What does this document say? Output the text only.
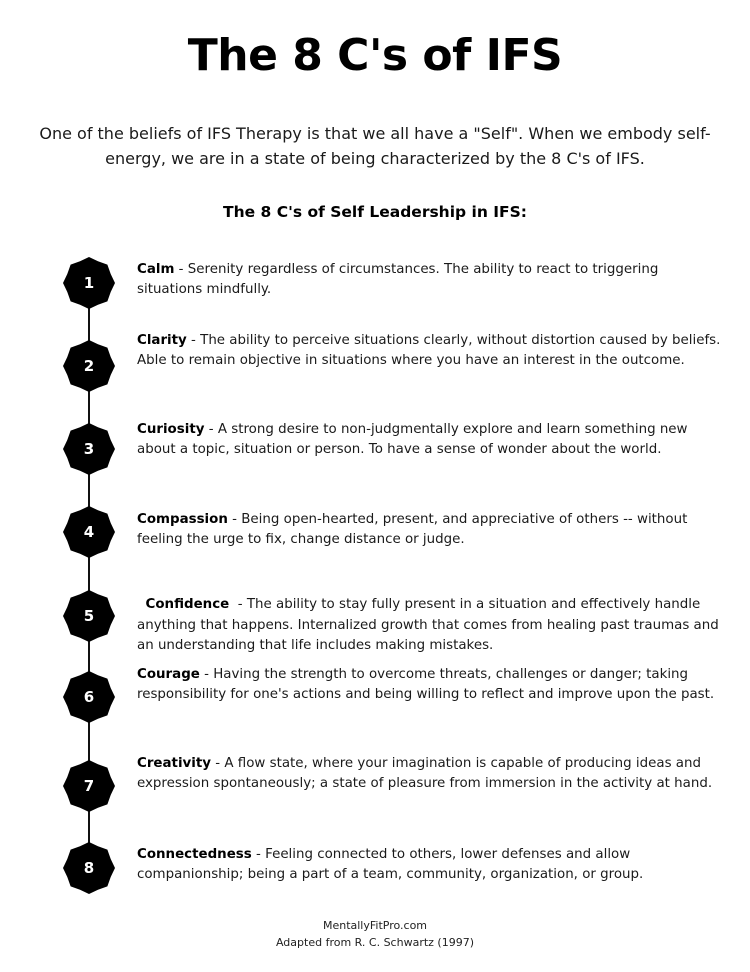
The 8 C's of IFS
One of the beliefs of IFS Therapy is that we all have a "Self". When we embody self-energy, we are in a state of being characterized by the 8 C's of IFS.
The 8 C's of Self Leadership in IFS:
1
2
3
4
5
6
7
8
Calm - Serenity regardless of circumstances. The ability to react to triggering situations mindfully.
Clarity - The ability to perceive situations clearly, without distortion caused by beliefs. Able to remain objective in situations where you have an interest in the outcome.
Curiosity - A strong desire to non-judgmentally explore and learn something new about a topic, situation or person. To have a sense of wonder about the world.
Compassion - Being open-hearted, present, and appreciative of others -- without feeling the urge to fix, change distance or judge.

Confidence  - The ability to stay fully present in a situation and effectively handle anything that happens. Internalized growth that comes from healing past traumas and an understanding that life includes making mistakes.

Courage - Having the strength to overcome threats, challenges or danger; taking responsibility for one's actions and being willing to reflect and improve upon the past.
Creativity - A flow state, where your imagination is capable of producing ideas and expression spontaneously; a state of pleasure from immersion in the activity at hand.
Connectedness - Feeling connected to others, lower defenses and allow companionship; being a part of a team, community, organization, or group.
MentallyFitPro.com
Adapted from R. C. Schwartz (1997)
